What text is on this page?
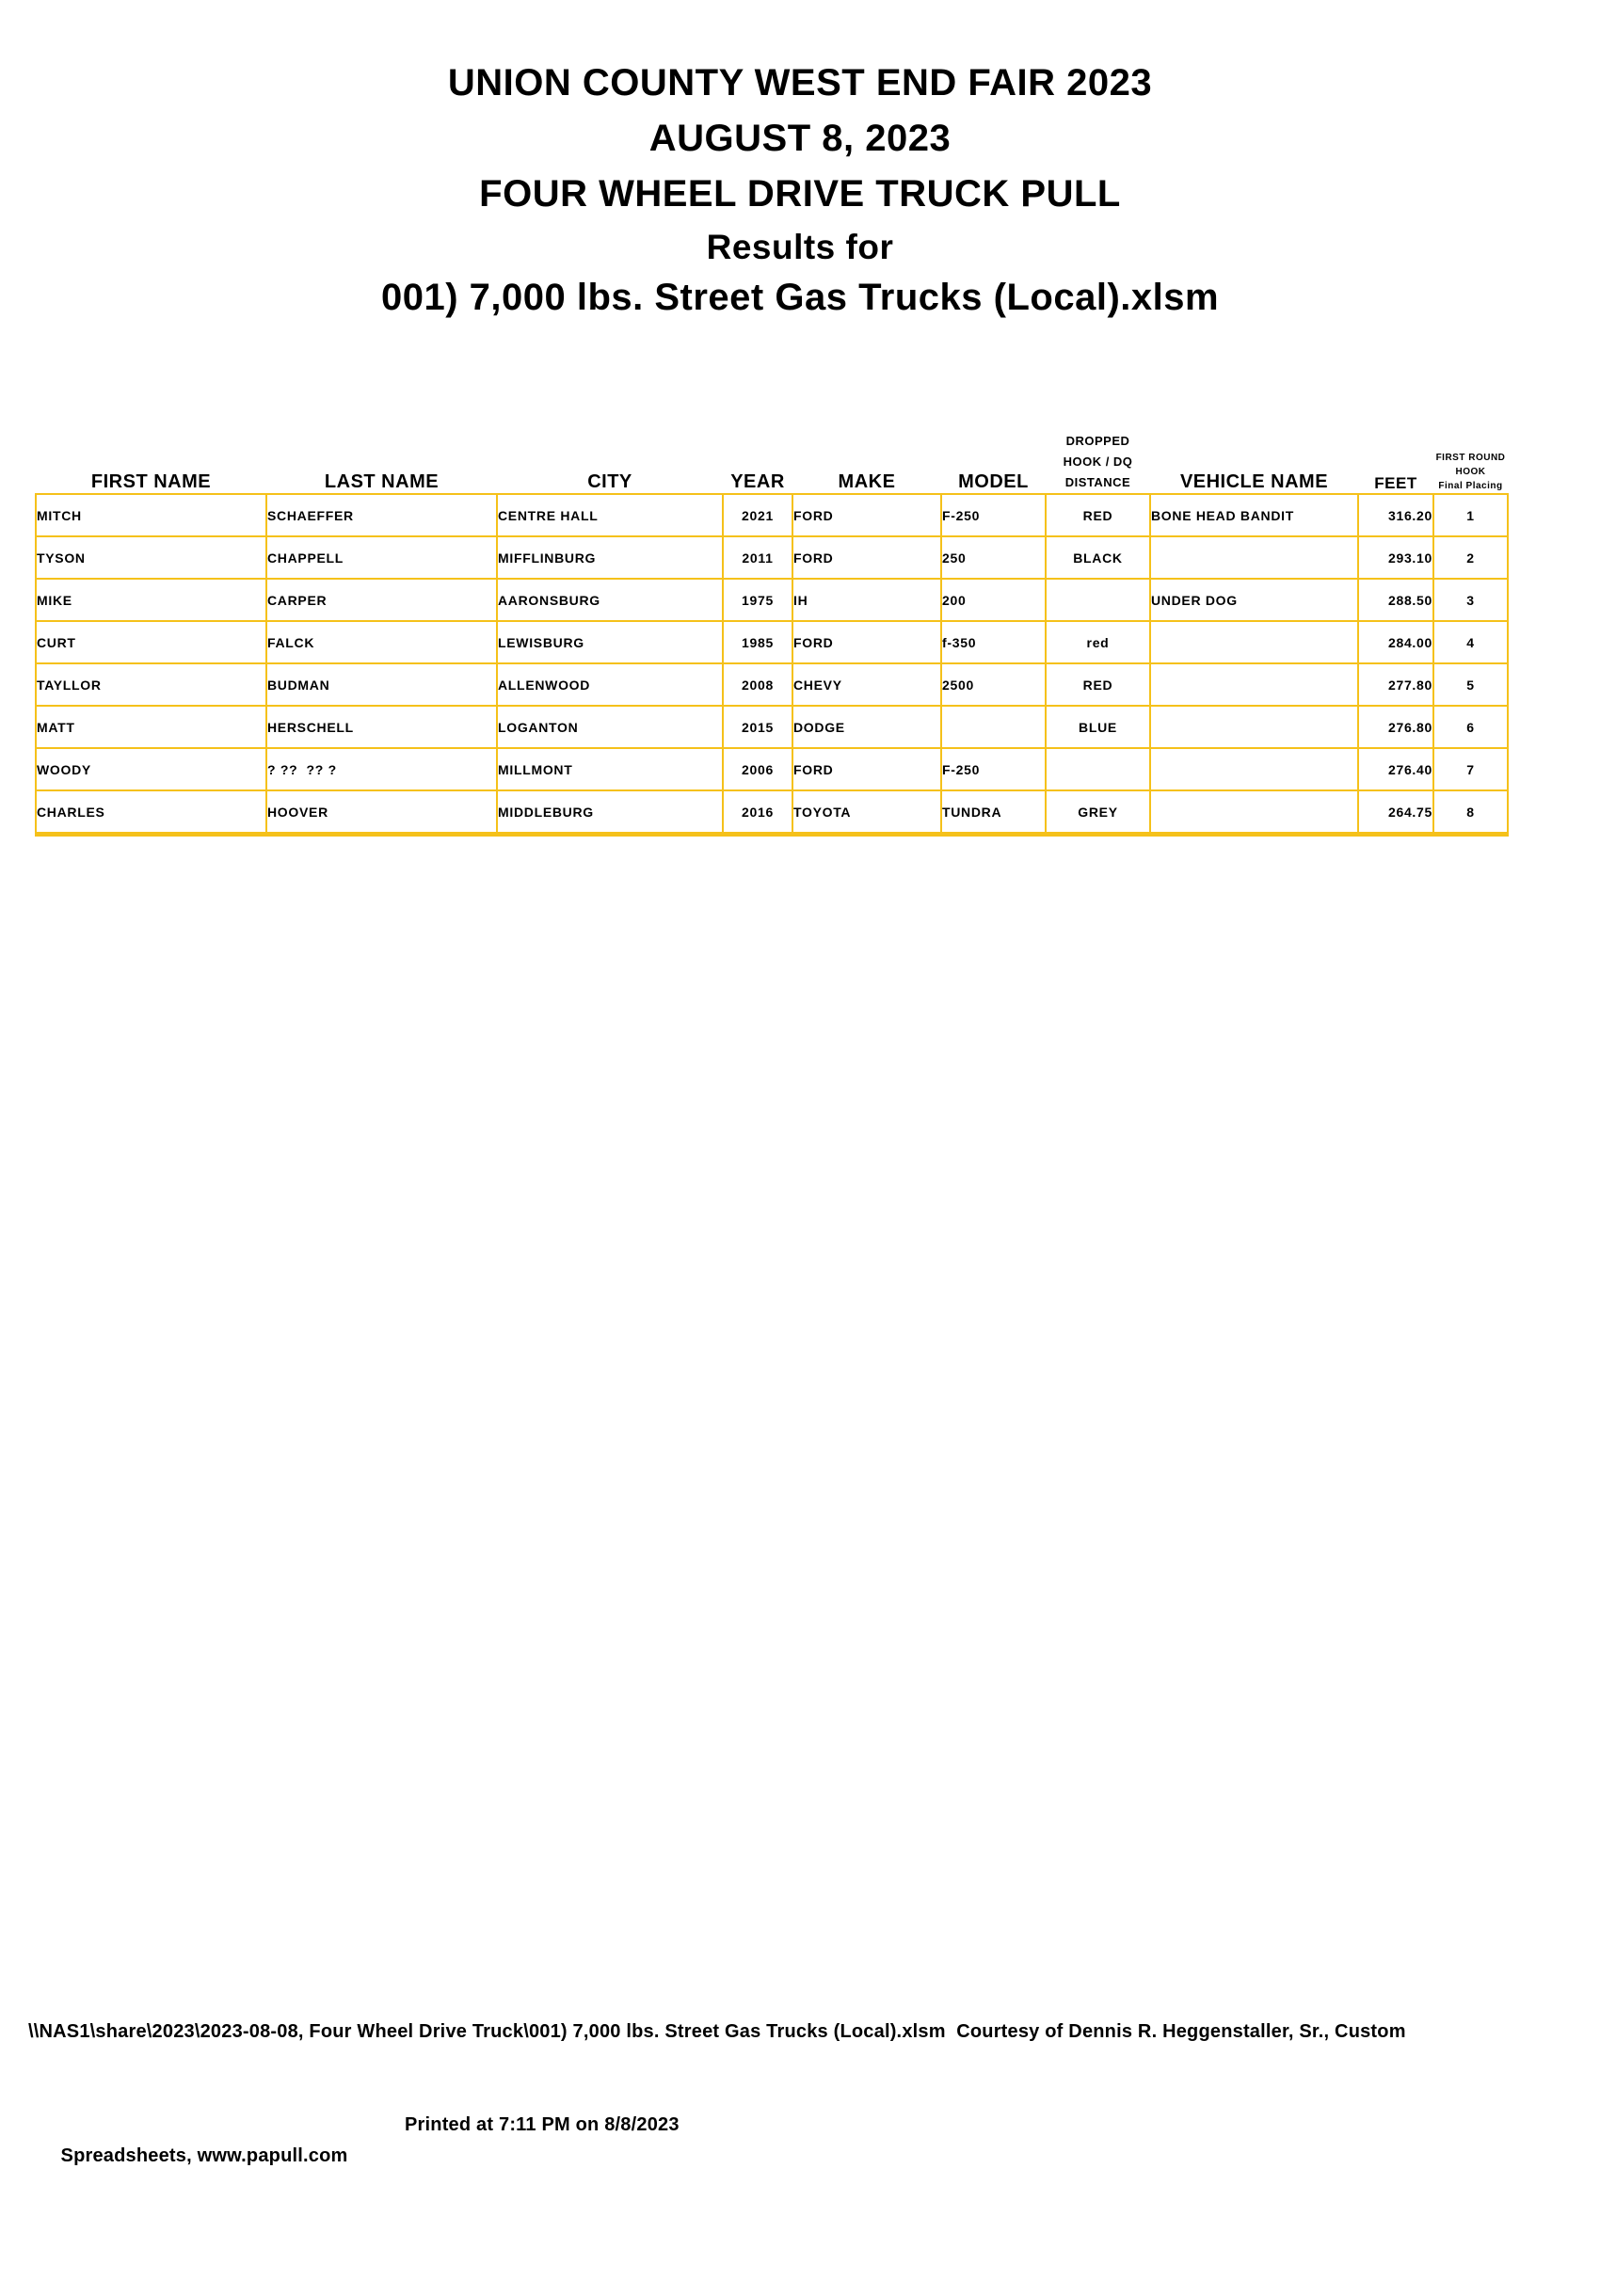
UNION COUNTY WEST END FAIR 2023
AUGUST 8, 2023
FOUR WHEEL DRIVE TRUCK PULL
Results for
001) 7,000 lbs. Street Gas Trucks (Local).xlsm
FIRST NAME	LAST NAME	CITY	YEAR	MAKE	MODEL	DROPPED
HOOK / DQ
DISTANCE	VEHICLE NAME	FEET	FIRST ROUND
HOOK
Final Placing

MITCH	SCHAEFFER	CENTRE HALL	2021	FORD	F-250	RED	BONE HEAD BANDIT	316.20	1
TYSON	CHAPPELL	MIFFLINBURG	2011	FORD	250	BLACK		293.10	2
MIKE	CARPER	AARONSBURG	1975	IH	200		UNDER DOG	288.50	3
CURT	FALCK	LEWISBURG	1985	FORD	f-350	red		284.00	4
TAYLLOR	BUDMAN	ALLENWOOD	2008	CHEVY	2500	RED		277.80	5
MATT	HERSCHELL	LOGANTON	2015	DODGE		BLUE		276.80	6
WOODY	? ??  ?? ?	MILLMONT	2006	FORD	F-250			276.40	7
CHARLES	HOOVER	MIDDLEBURG	2016	TOYOTA	TUNDRA	GREY		264.75	8

\\NAS1\share\2023\2023-08-08, Four Wheel Drive Truck\001) 7,000 lbs. Street Gas Trucks (Local).xlsm  Courtesy of Dennis R. Heggenstaller, Sr., Custom

Spreadsheets, www.papull.com

Printed at 7:11 PM on 8/8/2023
